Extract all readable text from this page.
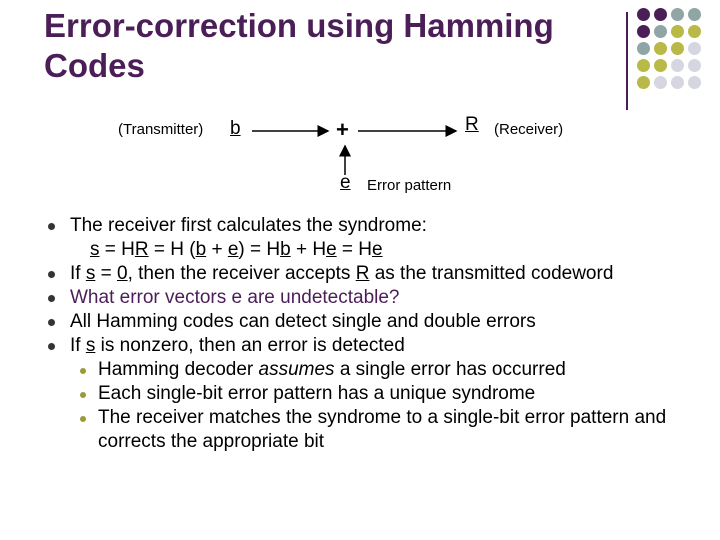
Error-correction using Hamming Codes
(Transmitter) b	+	R (Receiver)
e Error pattern
The receiver first calculates the syndrome:
s = HR = H (b + e) = Hb + He = He
If s = 0, then the receiver accepts R as the transmitted codeword
What error vectors e are undetectable?
All Hamming codes can detect single and double errors
If s is nonzero, then an error is detected
Hamming decoder assumes a single error has occurred
Each single-bit error pattern has a unique syndrome
The receiver matches the syndrome to a single-bit error pattern and
corrects the appropriate bit
